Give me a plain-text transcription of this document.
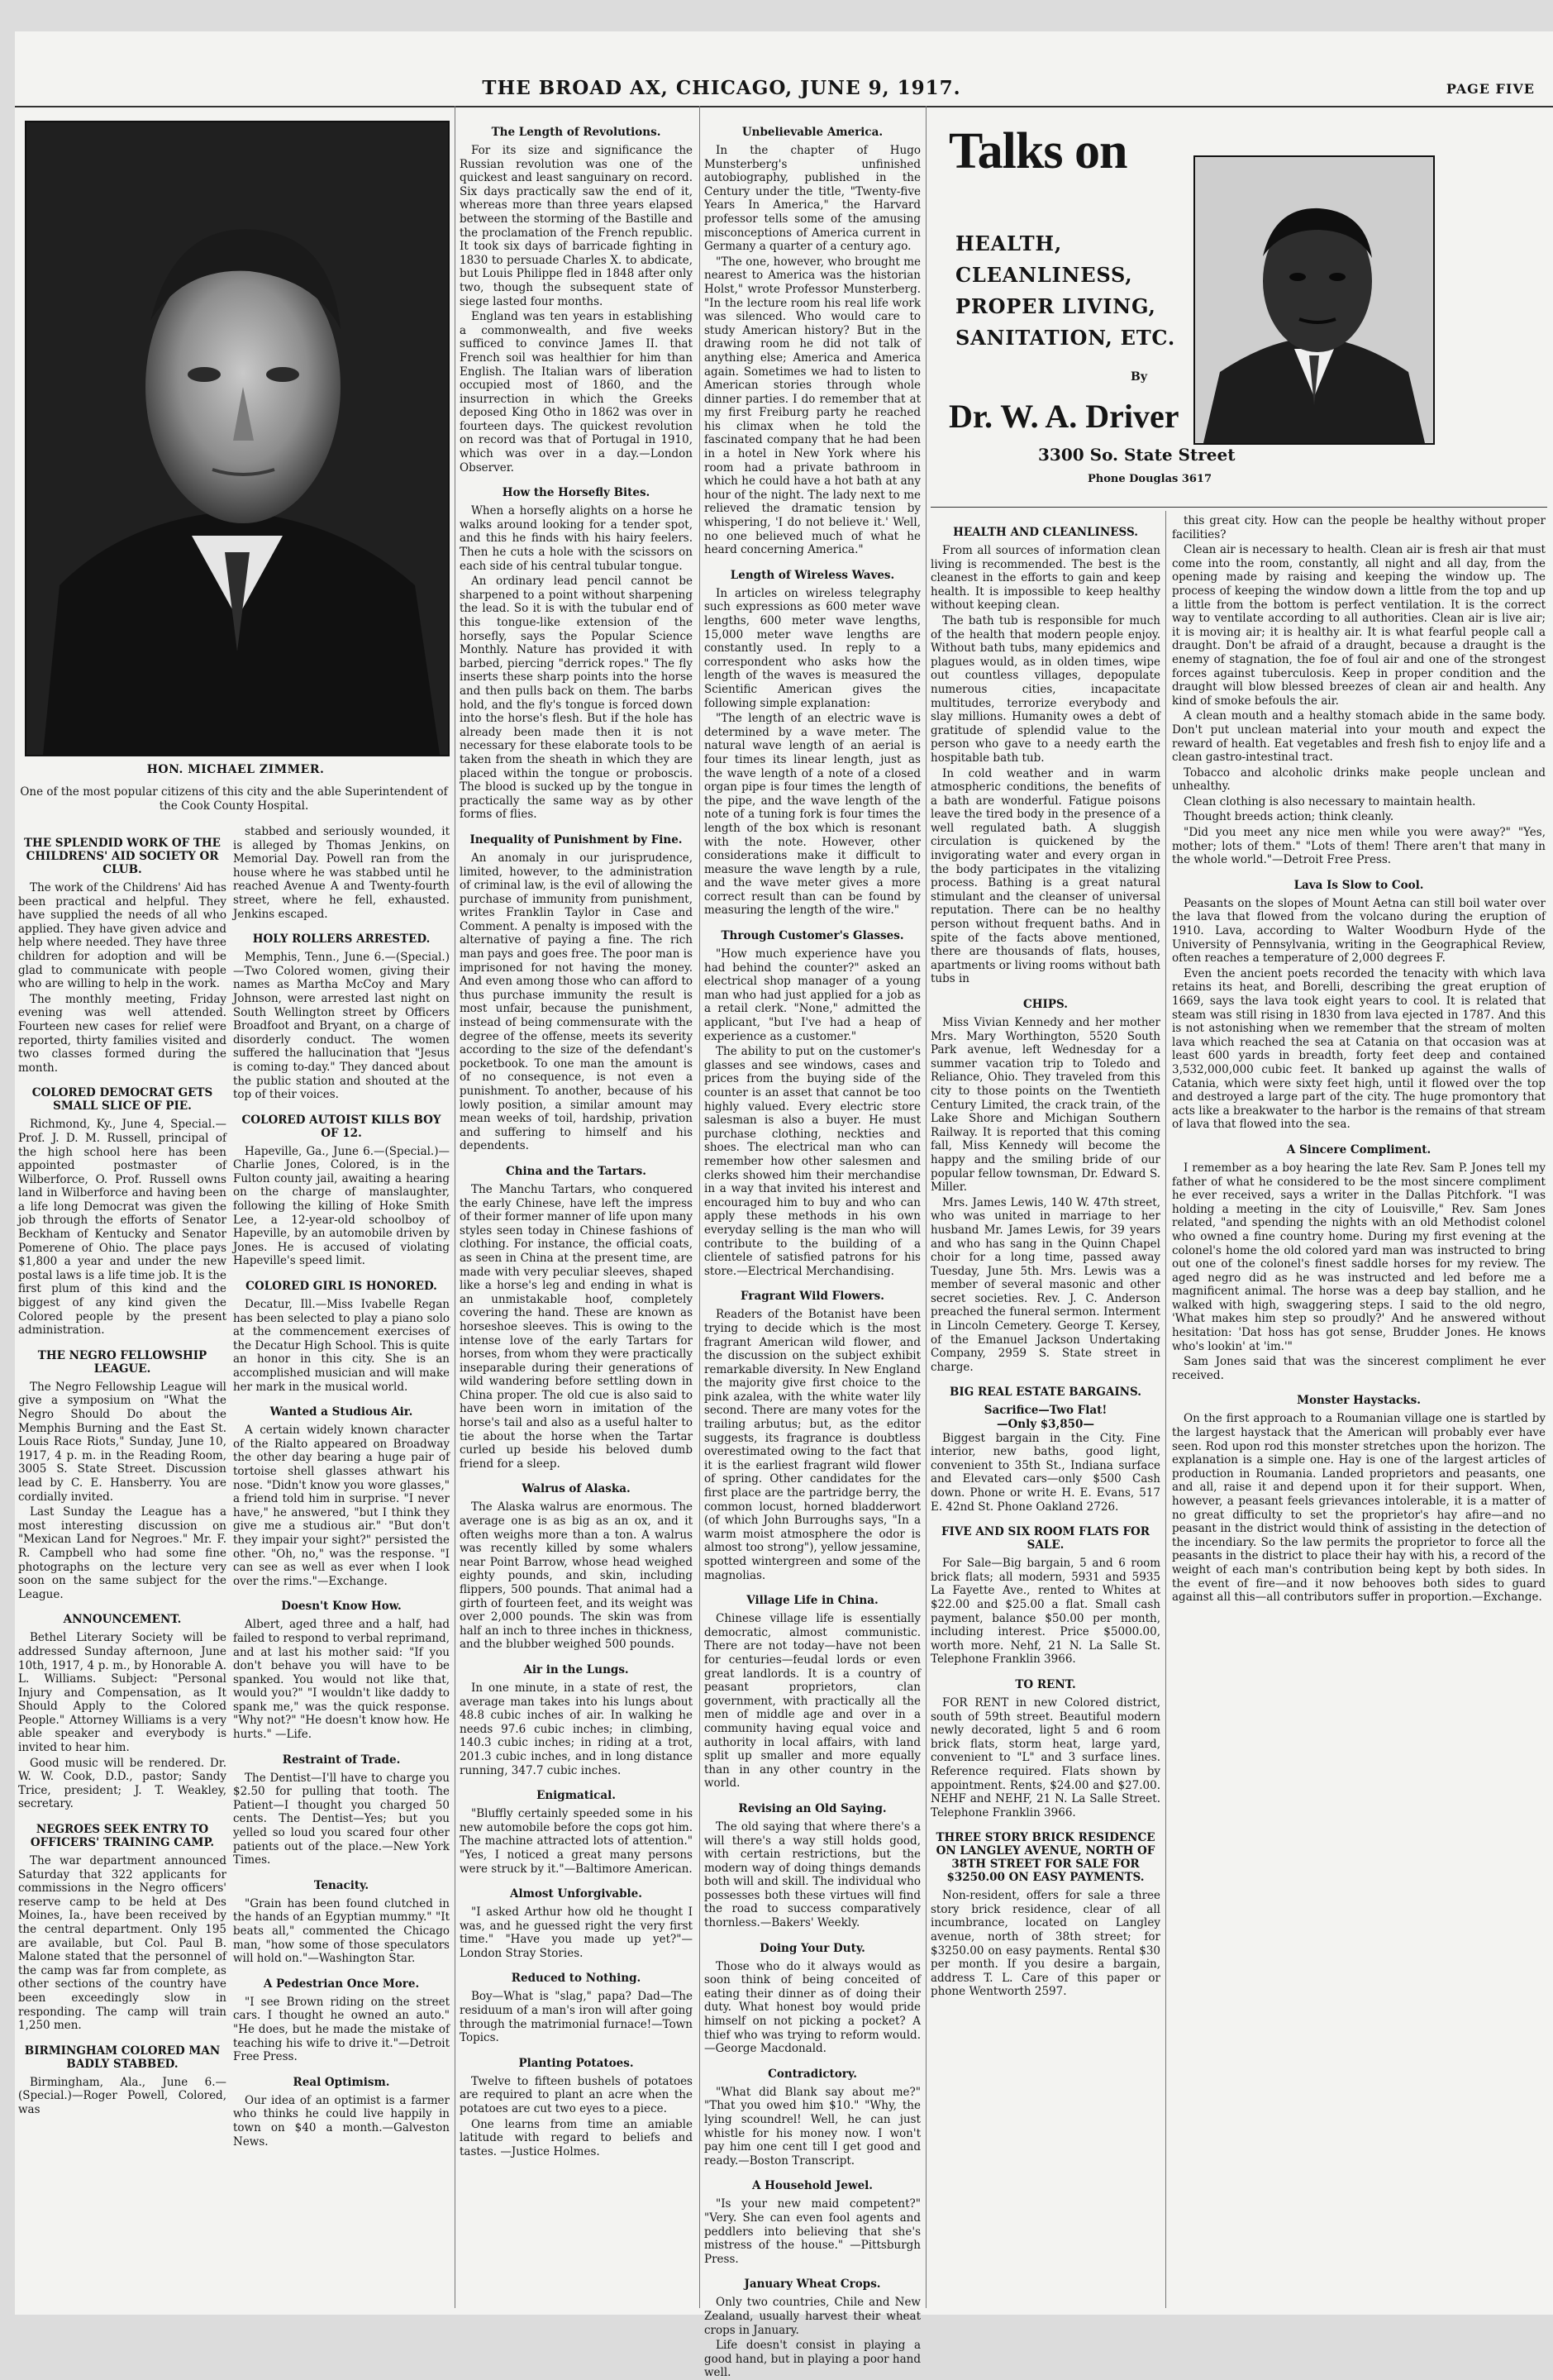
THE BROAD AX, CHICAGO, JUNE 9, 1917.	PAGE FIVE
HON. MICHAEL ZIMMER.
One of the most popular citizens of this city and the able Superintendent of the Cook County Hospital.
THE SPLENDID WORK OF THE CHILDRENS' AID SOCIETY OR CLUB.

The work of the Childrens' Aid has been practical and helpful. They have supplied the needs of all who applied. They have given advice and help where needed. They have three children for adoption and will be glad to communicate with people who are willing to help in the work.

The monthly meeting, Friday evening was well attended. Fourteen new cases for relief were reported, thirty families visited and two classes formed during the month.

COLORED DEMOCRAT GETS SMALL SLICE OF PIE.

Richmond, Ky., June 4, Special.—Prof. J. D. M. Russell, principal of the high school here has been appointed postmaster of Wilberforce, O. Prof. Russell owns land in Wilberforce and having been a life long Democrat was given the job through the efforts of Senator Beckham of Kentucky and Senator Pomerene of Ohio. The place pays $1,800 a year and under the new postal laws is a life time job. It is the first plum of this kind and the biggest of any kind given the Colored people by the present administration.

THE NEGRO FELLOWSHIP LEAGUE.

The Negro Fellowship League will give a symposium on "What the Negro Should Do about the Memphis Burning and the East St. Louis Race Riots," Sunday, June 10, 1917, 4 p. m. in the Reading Room, 3005 S. State Street. Discussion lead by C. E. Hansberry. You are cordially invited.

Last Sunday the League has a most interesting discussion on "Mexican Land for Negroes." Mr. F. R. Campbell who had some fine photographs on the lecture very soon on the same subject for the League.

ANNOUNCEMENT.

Bethel Literary Society will be addressed Sunday afternoon, June 10th, 1917, 4 p. m., by Honorable A. L. Williams. Subject: "Personal Injury and Compensation, as It Should Apply to the Colored People." Attorney Williams is a very able speaker and everybody is invited to hear him.

Good music will be rendered. Dr. W. W. Cook, D.D., pastor; Sandy Trice, president; J. T. Weakley, secretary.

NEGROES SEEK ENTRY TO OFFICERS' TRAINING CAMP.

The war department announced Saturday that 322 applicants for commissions in the Negro officers' reserve camp to be held at Des Moines, Ia., have been received by the central department. Only 195 are available, but Col. Paul B. Malone stated that the personnel of the camp was far from complete, as other sections of the country have been exceedingly slow in responding. The camp will train 1,250 men.

BIRMINGHAM COLORED MAN BADLY STABBED.

Birmingham, Ala., June 6.—(Special.)—Roger Powell, Colored, was

stabbed and seriously wounded, it is alleged by Thomas Jenkins, on Memorial Day. Powell ran from the house where he was stabbed until he reached Avenue A and Twenty-fourth street, where he fell, exhausted. Jenkins escaped.

HOLY ROLLERS ARRESTED.

Memphis, Tenn., June 6.—(Special.)—Two Colored women, giving their names as Martha McCoy and Mary Johnson, were arrested last night on South Wellington street by Officers Broadfoot and Bryant, on a charge of disorderly conduct. The women suffered the hallucination that "Jesus is coming to-day." They danced about the public station and shouted at the top of their voices.

COLORED AUTOIST KILLS BOY OF 12.

Hapeville, Ga., June 6.—(Special.)—Charlie Jones, Colored, is in the Fulton county jail, awaiting a hearing on the charge of manslaughter, following the killing of Hoke Smith Lee, a 12-year-old schoolboy of Hapeville, by an automobile driven by Jones. He is accused of violating Hapeville's speed limit.

COLORED GIRL IS HONORED.

Decatur, Ill.—Miss Ivabelle Regan has been selected to play a piano solo at the commencement exercises of the Decatur High School. This is quite an honor in this city. She is an accomplished musician and will make her mark in the musical world.

Wanted a Studious Air.

A certain widely known character of the Rialto appeared on Broadway the other day bearing a huge pair of tortoise shell glasses athwart his nose. "Didn't know you wore glasses," a friend told him in surprise. "I never have," he answered, "but I think they give me a studious air." "But don't they impair your sight?" persisted the other. "Oh, no," was the response. "I can see as well as ever when I look over the rims."—Exchange.

Doesn't Know How.

Albert, aged three and a half, had failed to respond to verbal reprimand, and at last his mother said: "If you don't behave you will have to be spanked. You would not like that, would you?" "I wouldn't like daddy to spank me," was the quick response. "Why not?" "He doesn't know how. He hurts." —Life.

Restraint of Trade.

The Dentist—I'll have to charge you $2.50 for pulling that tooth. The Patient—I thought you charged 50 cents. The Dentist—Yes; but you yelled so loud you scared four other patients out of the place.—New York Times.

Tenacity.

"Grain has been found clutched in the hands of an Egyptian mummy." "It beats all," commented the Chicago man, "how some of those speculators will hold on."—Washington Star.

A Pedestrian Once More.

"I see Brown riding on the street cars. I thought he owned an auto." "He does, but he made the mistake of teaching his wife to drive it."—Detroit Free Press.

Real Optimism.

Our idea of an optimist is a farmer who thinks he could live happily in town on $40 a month.—Galveston News.

The Length of Revolutions.

For its size and significance the Russian revolution was one of the quickest and least sanguinary on record. Six days practically saw the end of it, whereas more than three years elapsed between the storming of the Bastille and the proclamation of the French republic. It took six days of barricade fighting in 1830 to persuade Charles X. to abdicate, but Louis Philippe fled in 1848 after only two, though the subsequent state of siege lasted four months.

England was ten years in establishing a commonwealth, and five weeks sufficed to convince James II. that French soil was healthier for him than English. The Italian wars of liberation occupied most of 1860, and the insurrection in which the Greeks deposed King Otho in 1862 was over in fourteen days. The quickest revolution on record was that of Portugal in 1910, which was over in a day.—London Observer.

How the Horsefly Bites.

When a horsefly alights on a horse he walks around looking for a tender spot, and this he finds with his hairy feelers. Then he cuts a hole with the scissors on each side of his central tubular tongue.

An ordinary lead pencil cannot be sharpened to a point without sharpening the lead. So it is with the tubular end of this tongue-like extension of the horsefly, says the Popular Science Monthly. Nature has provided it with barbed, piercing "derrick ropes." The fly inserts these sharp points into the horse and then pulls back on them. The barbs hold, and the fly's tongue is forced down into the horse's flesh. But if the hole has already been made then it is not necessary for these elaborate tools to be taken from the sheath in which they are placed within the tongue or proboscis. The blood is sucked up by the tongue in practically the same way as by other forms of flies.

Inequality of Punishment by Fine.

An anomaly in our jurisprudence, limited, however, to the administration of criminal law, is the evil of allowing the purchase of immunity from punishment, writes Franklin Taylor in Case and Comment. A penalty is imposed with the alternative of paying a fine. The rich man pays and goes free. The poor man is imprisoned for not having the money. And even among those who can afford to thus purchase immunity the result is most unfair, because the punishment, instead of being commensurate with the degree of the offense, meets its severity according to the size of the defendant's pocketbook. To one man the amount is of no consequence, is not even a punishment. To another, because of his lowly position, a similar amount may mean weeks of toil, hardship, privation and suffering to himself and his dependents.

China and the Tartars.

The Manchu Tartars, who conquered the early Chinese, have left the impress of their former manner of life upon many styles seen today in Chinese fashions of clothing. For instance, the official coats, as seen in China at the present time, are made with very peculiar sleeves, shaped like a horse's leg and ending in what is an unmistakable hoof, completely covering the hand. These are known as horseshoe sleeves. This is owing to the intense love of the early Tartars for horses, from whom they were practically inseparable during their generations of wild wandering before settling down in China proper. The old cue is also said to have been worn in imitation of the horse's tail and also as a useful halter to tie about the horse when the Tartar curled up beside his beloved dumb friend for a sleep.

Walrus of Alaska.

The Alaska walrus are enormous. The average one is as big as an ox, and it often weighs more than a ton. A walrus was recently killed by some whalers near Point Barrow, whose head weighed eighty pounds, and skin, including flippers, 500 pounds. That animal had a girth of fourteen feet, and its weight was over 2,000 pounds. The skin was from half an inch to three inches in thickness, and the blubber weighed 500 pounds.

Air in the Lungs.

In one minute, in a state of rest, the average man takes into his lungs about 48.8 cubic inches of air. In walking he needs 97.6 cubic inches; in climbing, 140.3 cubic inches; in riding at a trot, 201.3 cubic inches, and in long distance running, 347.7 cubic inches.

Enigmatical.

"Bluffly certainly speeded some in his new automobile before the cops got him. The machine attracted lots of attention." "Yes, I noticed a great many persons were struck by it."—Baltimore American.

Almost Unforgivable.

"I asked Arthur how old he thought I was, and he guessed right the very first time." "Have you made up yet?"—London Stray Stories.

Reduced to Nothing.

Boy—What is "slag," papa? Dad—The residuum of a man's iron will after going through the matrimonial furnace!—Town Topics.

Planting Potatoes.

Twelve to fifteen bushels of potatoes are required to plant an acre when the potatoes are cut two eyes to a piece.

One learns from time an amiable latitude with regard to beliefs and tastes. —Justice Holmes.

Unbelievable America.

In the chapter of Hugo Munsterberg's unfinished autobiography, published in the Century under the title, "Twenty-five Years In America," the Harvard professor tells some of the amusing misconceptions of America current in Germany a quarter of a century ago.

"The one, however, who brought me nearest to America was the historian Holst," wrote Professor Munsterberg. "In the lecture room his real life work was silenced. Who would care to study American history? But in the drawing room he did not talk of anything else; America and America again. Sometimes we had to listen to American stories through whole dinner parties. I do remember that at my first Freiburg party he reached his climax when he told the fascinated company that he had been in a hotel in New York where his room had a private bathroom in which he could have a hot bath at any hour of the night. The lady next to me relieved the dramatic tension by whispering, 'I do not believe it.' Well, no one believed much of what he heard concerning America."

Length of Wireless Waves.

In articles on wireless telegraphy such expressions as 600 meter wave lengths, 600 meter wave lengths, 15,000 meter wave lengths are constantly used. In reply to a correspondent who asks how the length of the waves is measured the Scientific American gives the following simple explanation:

"The length of an electric wave is determined by a wave meter. The natural wave length of an aerial is four times its linear length, just as the wave length of a note of a closed organ pipe is four times the length of the pipe, and the wave length of the note of a tuning fork is four times the length of the box which is resonant with the note. However, other considerations make it difficult to measure the wave length by a rule, and the wave meter gives a more correct result than can be found by measuring the length of the wire."

Through Customer's Glasses.

"How much experience have you had behind the counter?" asked an electrical shop manager of a young man who had just applied for a job as a retail clerk. "None," admitted the applicant, "but I've had a heap of experience as a customer."

The ability to put on the customer's glasses and see windows, cases and prices from the buying side of the counter is an asset that cannot be too highly valued. Every electric store salesman is also a buyer. He must purchase clothing, neckties and shoes. The electrical man who can remember how other salesmen and clerks showed him their merchandise in a way that invited his interest and encouraged him to buy and who can apply these methods in his own everyday selling is the man who will contribute to the building of a clientele of satisfied patrons for his store.—Electrical Merchandising.

Fragrant Wild Flowers.

Readers of the Botanist have been trying to decide which is the most fragrant American wild flower, and the discussion on the subject exhibit remarkable diversity. In New England the majority give first choice to the pink azalea, with the white water lily second. There are many votes for the trailing arbutus; but, as the editor suggests, its fragrance is doubtless overestimated owing to the fact that it is the earliest fragrant wild flower of spring. Other candidates for the first place are the partridge berry, the common locust, horned bladderwort (of which John Burroughs says, "In a warm moist atmosphere the odor is almost too strong"), yellow jessamine, spotted wintergreen and some of the magnolias.

Village Life in China.

Chinese village life is essentially democratic, almost communistic. There are not today—have not been for centuries—feudal lords or even great landlords. It is a country of peasant proprietors, clan government, with practically all the men of middle age and over in a community having equal voice and authority in local affairs, with land split up smaller and more equally than in any other country in the world.

Revising an Old Saying.

The old saying that where there's a will there's a way still holds good, with certain restrictions, but the modern way of doing things demands both will and skill. The individual who possesses both these virtues will find the road to success comparatively thornless.—Bakers' Weekly.

Doing Your Duty.

Those who do it always would as soon think of being conceited of eating their dinner as of doing their duty. What honest boy would pride himself on not picking a pocket? A thief who was trying to reform would.—George Macdonald.

Contradictory.

"What did Blank say about me?" "That you owed him $10." "Why, the lying scoundrel! Well, he can just whistle for his money now. I won't pay him one cent till I get good and ready.—Boston Transcript.

A Household Jewel.

"Is your new maid competent?" "Very. She can even fool agents and peddlers into believing that she's mistress of the house." —Pittsburgh Press.

January Wheat Crops.

Only two countries, Chile and New Zealand, usually harvest their wheat crops in January.

Life doesn't consist in playing a good hand, but in playing a poor hand well.

Talks on
HEALTH,
CLEANLINESS,
PROPER LIVING,
SANITATION, ETC.
By
Dr. W. A. Driver
3300 So. State Street
Phone Douglas 3617
HEALTH AND CLEANLINESS.

From all sources of information clean living is recommended. The best is the cleanest in the efforts to gain and keep health. It is impossible to keep healthy without keeping clean.

The bath tub is responsible for much of the health that modern people enjoy. Without bath tubs, many epidemics and plagues would, as in olden times, wipe out countless villages, depopulate numerous cities, incapacitate multitudes, terrorize everybody and slay millions. Humanity owes a debt of gratitude of splendid value to the person who gave to a needy earth the hospitable bath tub.

In cold weather and in warm atmospheric conditions, the benefits of a bath are wonderful. Fatigue poisons leave the tired body in the presence of a well regulated bath. A sluggish circulation is quickened by the invigorating water and every organ in the body participates in the vitalizing process. Bathing is a great natural stimulant and the cleanser of universal reputation. There can be no healthy person without frequent baths. And in spite of the facts above mentioned, there are thousands of flats, houses, apartments or living rooms without bath tubs in

CHIPS.

Miss Vivian Kennedy and her mother Mrs. Mary Worthington, 5520 South Park avenue, left Wednesday for a summer vacation trip to Toledo and Reliance, Ohio. They traveled from this city to those points on the Twentieth Century Limited, the crack train, of the Lake Shore and Michigan Southern Railway. It is reported that this coming fall, Miss Kennedy will become the happy and the smiling bride of our popular fellow townsman, Dr. Edward S. Miller.

Mrs. James Lewis, 140 W. 47th street, who was united in marriage to her husband Mr. James Lewis, for 39 years and who has sang in the Quinn Chapel choir for a long time, passed away Tuesday, June 5th. Mrs. Lewis was a member of several masonic and other secret societies. Rev. J. C. Anderson preached the funeral sermon. Interment in Lincoln Cemetery. George T. Kersey, of the Emanuel Jackson Undertaking Company, 2959 S. State street in charge.

BIG REAL ESTATE BARGAINS.
Sacrifice—Two Flat!
—Only $3,850—

Biggest bargain in the City. Fine interior, new baths, good light, convenient to 35th St., Indiana surface and Elevated cars—only $500 Cash down. Phone or write H. E. Evans, 517 E. 42nd St. Phone Oakland 2726.

FIVE AND SIX ROOM FLATS FOR SALE.

For Sale—Big bargain, 5 and 6 room brick flats; all modern, 5931 and 5935 La Fayette Ave., rented to Whites at $22.00 and $25.00 a flat. Small cash payment, balance $50.00 per month, including interest. Price $5000.00, worth more. Nehf, 21 N. La Salle St. Telephone Franklin 3966.

TO RENT.

FOR RENT in new Colored district, south of 59th street. Beautiful modern newly decorated, light 5 and 6 room brick flats, storm heat, large yard, convenient to "L" and 3 surface lines. Reference required. Flats shown by appointment. Rents, $24.00 and $27.00. NEHF and NEHF, 21 N. La Salle Street. Telephone Franklin 3966.

THREE STORY BRICK RESIDENCE ON LANGLEY AVENUE, NORTH OF 38TH STREET FOR SALE FOR $3250.00 ON EASY PAYMENTS.

Non-resident, offers for sale a three story brick residence, clear of all incumbrance, located on Langley avenue, north of 38th street; for $3250.00 on easy payments. Rental $30 per month. If you desire a bargain, address T. L. Care of this paper or phone Wentworth 2597.

this great city. How can the people be healthy without proper facilities?

Clean air is necessary to health. Clean air is fresh air that must come into the room, constantly, all night and all day, from the opening made by raising and keeping the window up. The process of keeping the window down a little from the top and up a little from the bottom is perfect ventilation. It is the correct way to ventilate according to all authorities. Clean air is live air; it is moving air; it is healthy air. It is what fearful people call a draught. Don't be afraid of a draught, because a draught is the enemy of stagnation, the foe of foul air and one of the strongest forces against tuberculosis. Keep in proper condition and the draught will blow blessed breezes of clean air and health. Any kind of smoke befouls the air.

A clean mouth and a healthy stomach abide in the same body. Don't put unclean material into your mouth and expect the reward of health. Eat vegetables and fresh fish to enjoy life and a clean gastro-intestinal tract.

Tobacco and alcoholic drinks make people unclean and unhealthy.

Clean clothing is also necessary to maintain health.

Thought breeds action; think cleanly.

"Did you meet any nice men while you were away?" "Yes, mother; lots of them." "Lots of them! There aren't that many in the whole world."—Detroit Free Press.

Lava Is Slow to Cool.

Peasants on the slopes of Mount Aetna can still boil water over the lava that flowed from the volcano during the eruption of 1910. Lava, according to Walter Woodburn Hyde of the University of Pennsylvania, writing in the Geographical Review, often reaches a temperature of 2,000 degrees F.

Even the ancient poets recorded the tenacity with which lava retains its heat, and Borelli, describing the great eruption of 1669, says the lava took eight years to cool. It is related that steam was still rising in 1830 from lava ejected in 1787. And this is not astonishing when we remember that the stream of molten lava which reached the sea at Catania on that occasion was at least 600 yards in breadth, forty feet deep and contained 3,532,000,000 cubic feet. It banked up against the walls of Catania, which were sixty feet high, until it flowed over the top and destroyed a large part of the city. The huge promontory that acts like a breakwater to the harbor is the remains of that stream of lava that flowed into the sea.

A Sincere Compliment.

I remember as a boy hearing the late Rev. Sam P. Jones tell my father of what he considered to be the most sincere compliment he ever received, says a writer in the Dallas Pitchfork. "I was holding a meeting in the city of Louisville," Rev. Sam Jones related, "and spending the nights with an old Methodist colonel who owned a fine country home. During my first evening at the colonel's home the old colored yard man was instructed to bring out one of the colonel's finest saddle horses for my review. The aged negro did as he was instructed and led before me a magnificent animal. The horse was a deep bay stallion, and he walked with high, swaggering steps. I said to the old negro, 'What makes him step so proudly?' And he answered without hesitation: 'Dat hoss has got sense, Brudder Jones. He knows who's lookin' at 'im.'"

Sam Jones said that was the sincerest compliment he ever received.

Monster Haystacks.

On the first approach to a Roumanian village one is startled by the largest haystack that the American will probably ever have seen. Rod upon rod this monster stretches upon the horizon. The explanation is a simple one. Hay is one of the largest articles of production in Roumania. Landed proprietors and peasants, one and all, raise it and depend upon it for their support. When, however, a peasant feels grievances intolerable, it is a matter of no great difficulty to set the proprietor's hay afire—and no peasant in the district would think of assisting in the detection of the incendiary. So the law permits the proprietor to force all the peasants in the district to place their hay with his, a record of the weight of each man's contribution being kept by both sides. In the event of fire—and it now behooves both sides to guard against all this—all contributors suffer in proportion.—Exchange.
